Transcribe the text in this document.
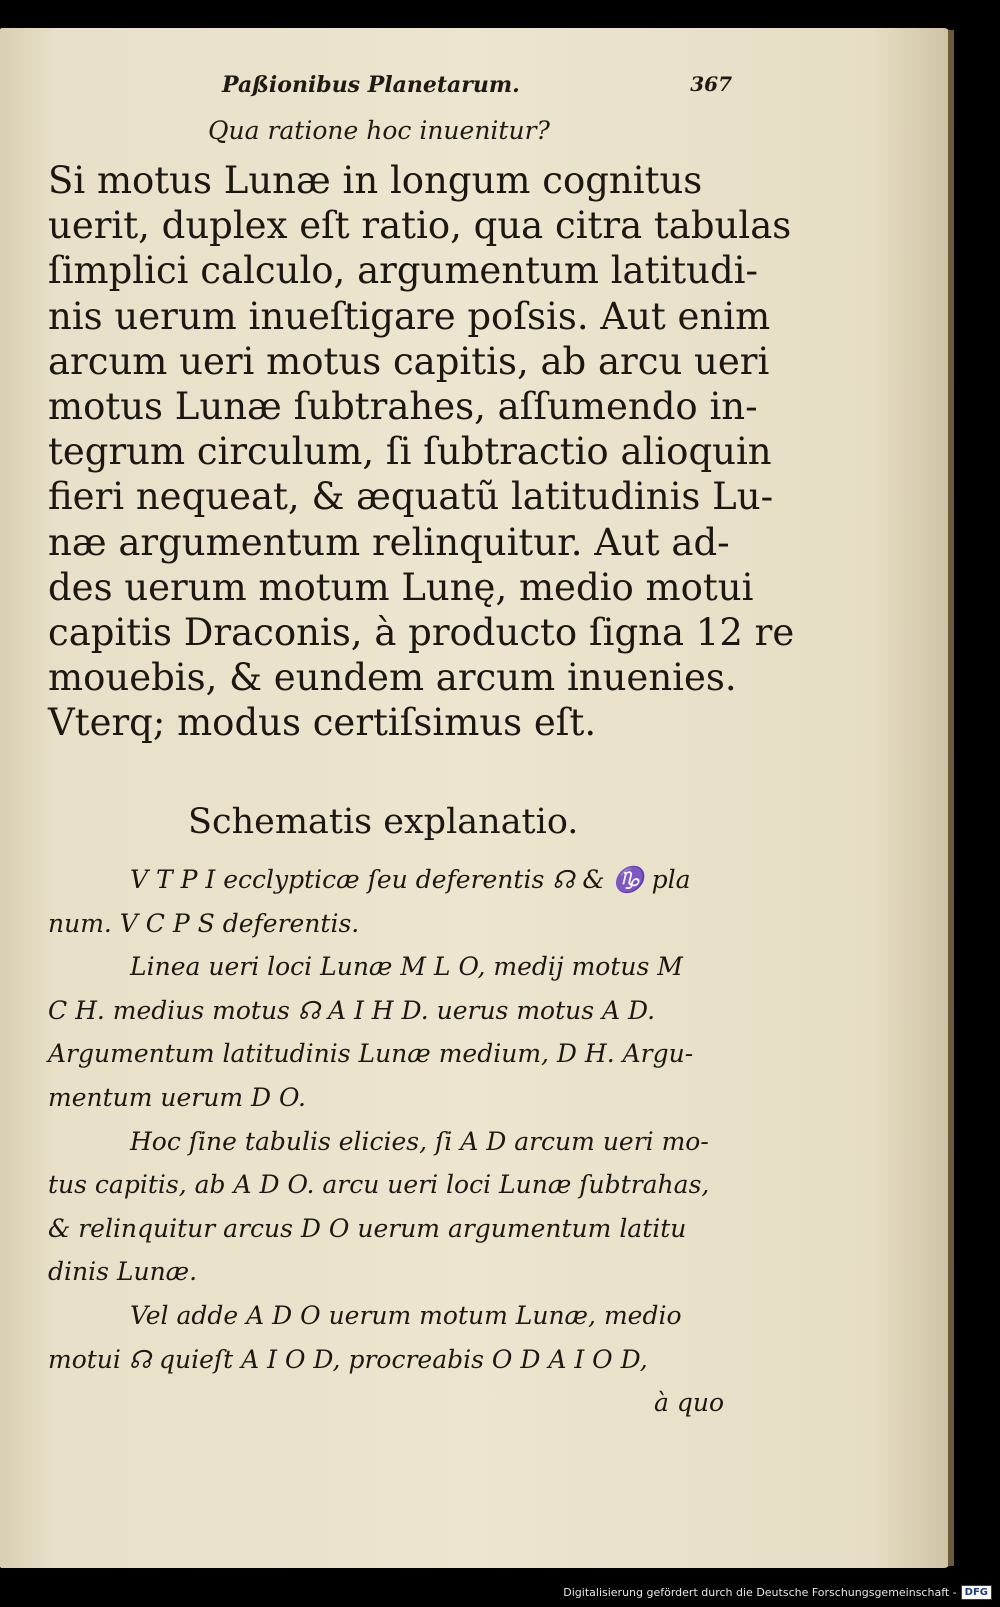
Paßionibus Planetarum.	367
Qua ratione hoc inuenitur?
Si motus Lunæ in longum cognitus
uerit, duplex eſt ratio, qua citra tabulas
ſimplici calculo, argumentum latitudi-
nis uerum inueſtigare poſsis. Aut enim
arcum ueri motus capitis, ab arcu ueri
motus Lunæ ſubtrahes, aſſumendo in-
tegrum circulum, ſi ſubtractio alioquin
fieri nequeat, & æquatũ latitudinis Lu-
næ argumentum relinquitur. Aut ad-
des uerum motum Lunę, medio motui
capitis Draconis, à producto ſigna 12 re
mouebis, & eundem arcum inuenies.
Vterq; modus certiſsimus eſt.
Schematis explanatio.
V T P I ecclypticæ ſeu deferentis ☊ & ♑ pla
num. V C P S deferentis.
Linea ueri loci Lunæ M L O, medij motus M
C H. medius motus ☊ A I H D. uerus motus A D.
Argumentum latitudinis Lunæ medium, D H. Argu-
mentum uerum D O.
Hoc ſine tabulis elicies, ſi A D arcum ueri mo-
tus capitis, ab A D O. arcu ueri loci Lunæ ſubtrahas,
& relinquitur arcus D O uerum argumentum latitu
dinis Lunæ.
Vel adde A D O uerum motum Lunæ, medio
motui ☊ quieſt A I O D, procreabis O D A I O D,
à quo
Digitalisierung gefördert durch die Deutsche Forschungsgemeinschaft - DFG
